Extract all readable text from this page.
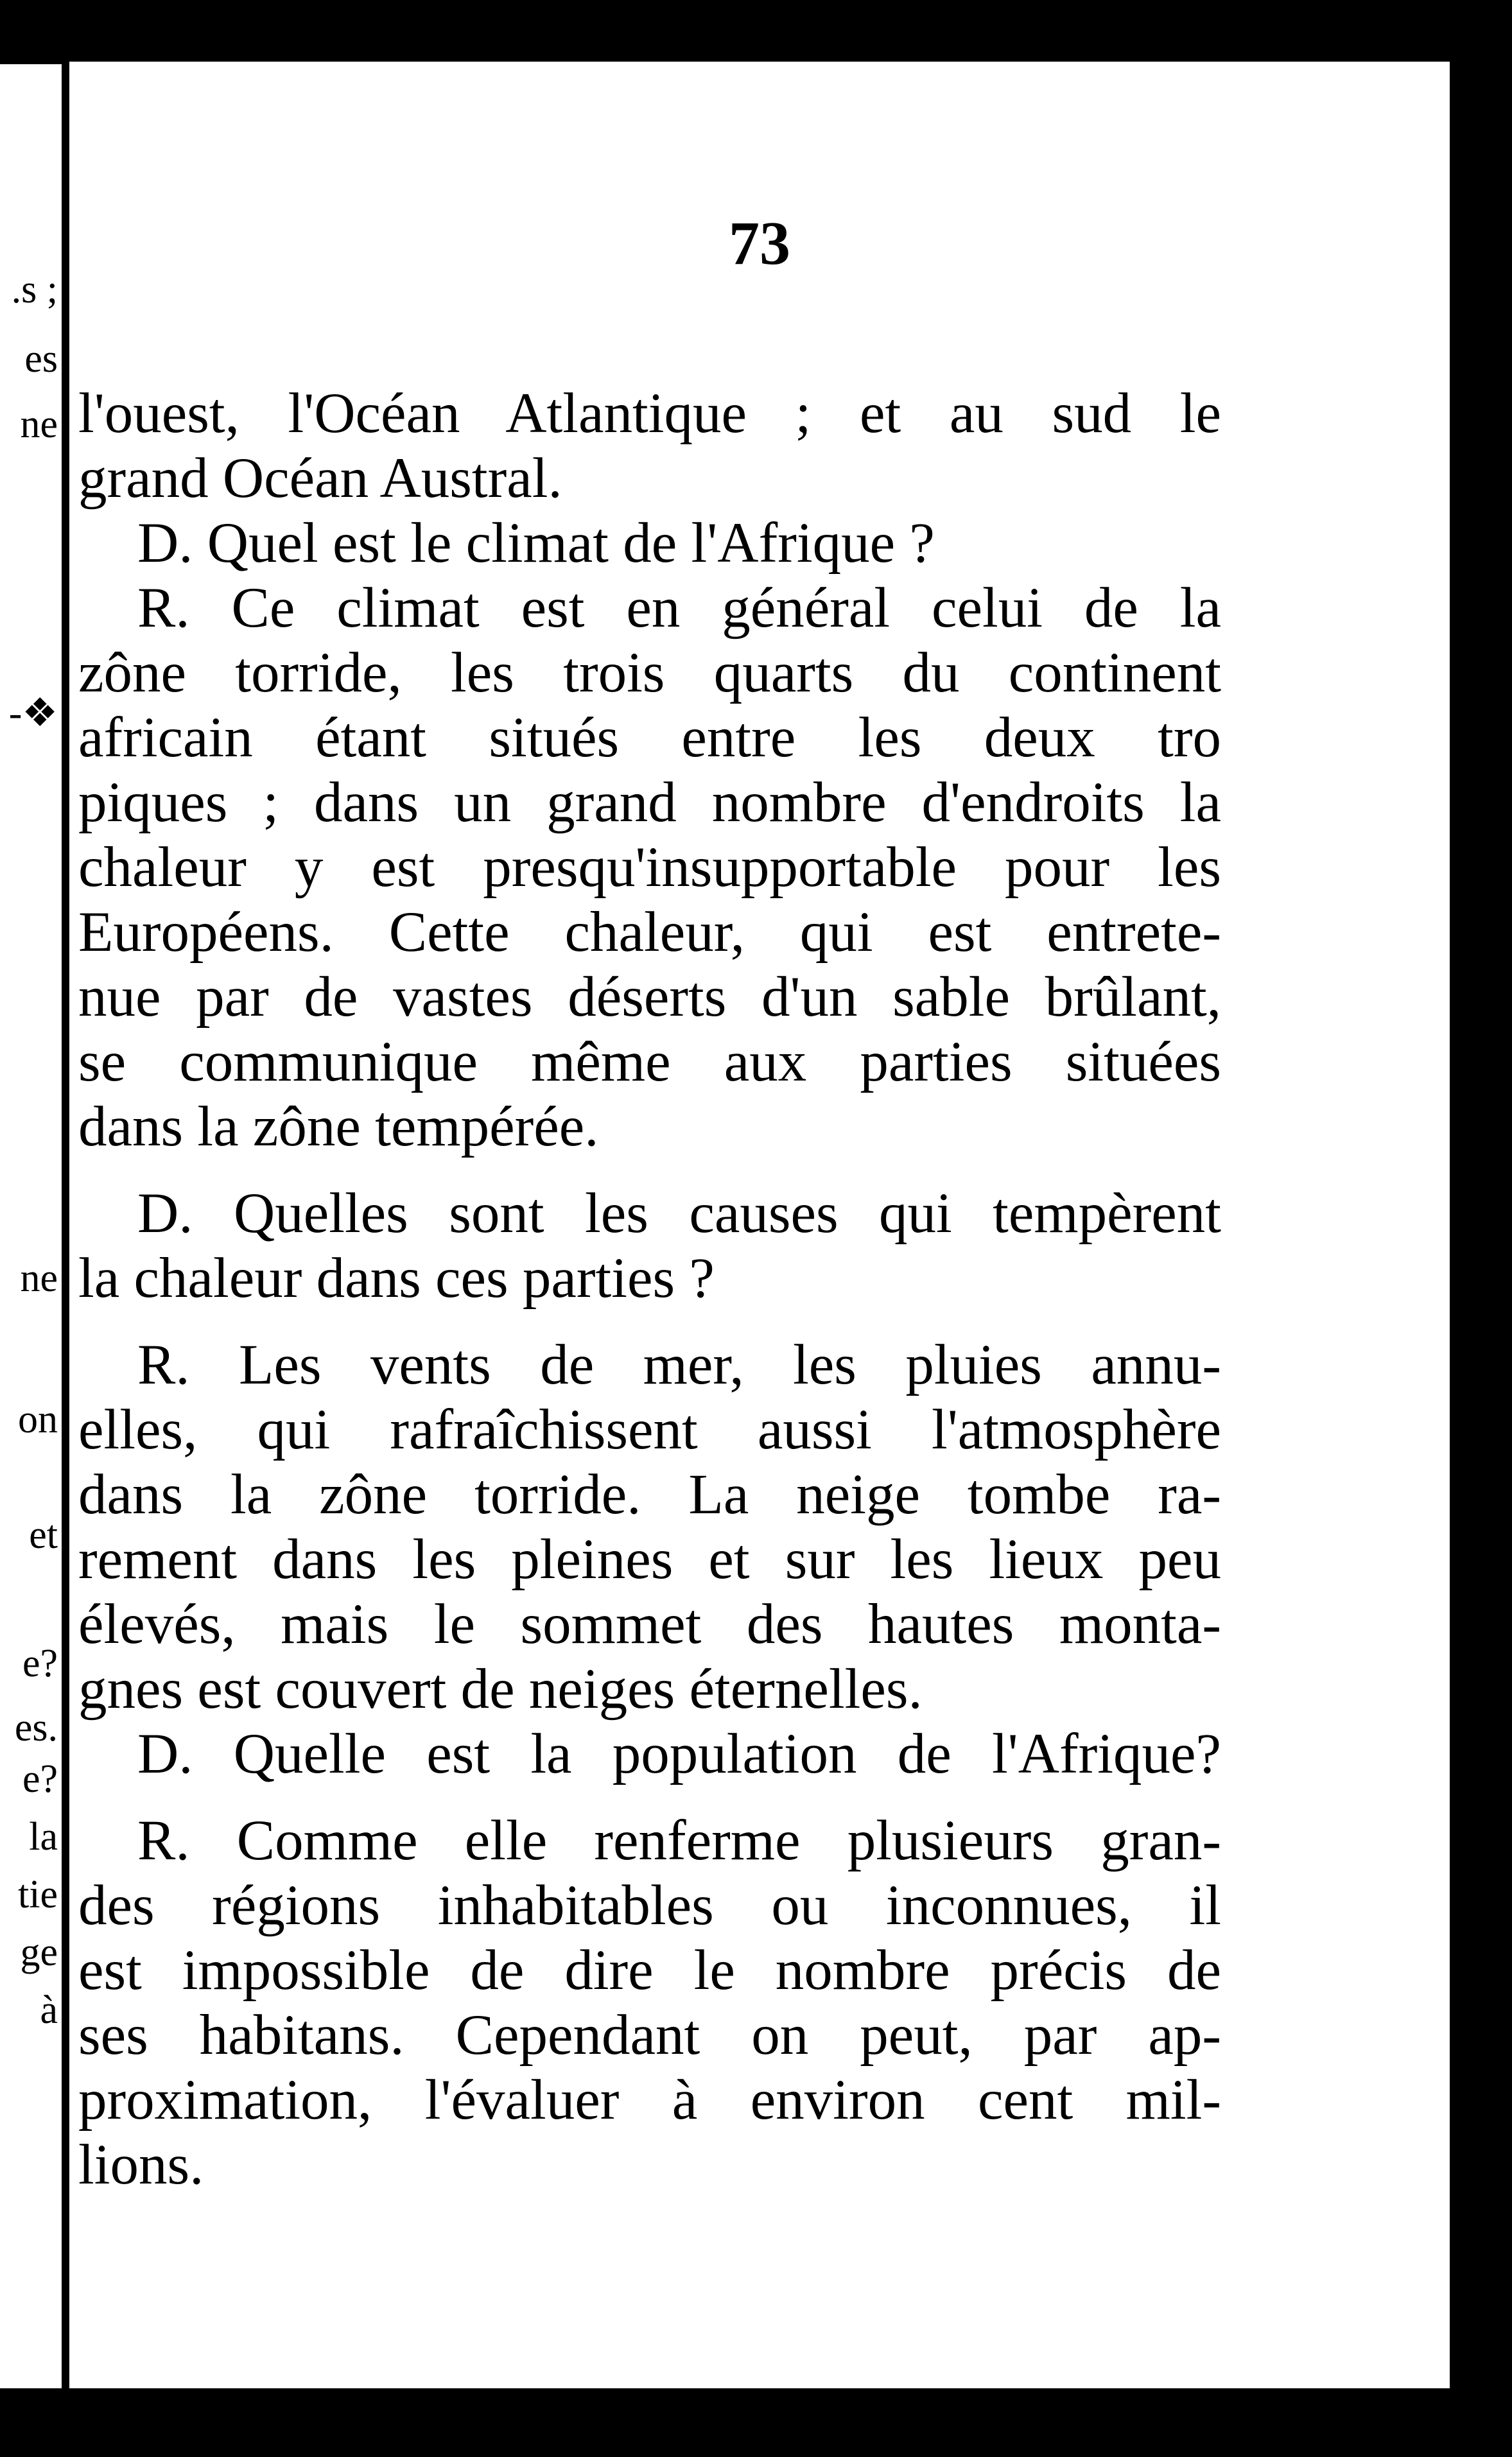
.s ;
es
ne
-❖
ne
on
et
e?
es.
e?
la
tie
ge
à
73
l'ouest, l'Océan Atlantique ; et au sud le
grand Océan Austral.
D. Quel est le climat de l'Afrique ?
R. Ce climat est en général celui de la
zône torride, les trois quarts du continent
africain étant situés entre les deux tro
piques ; dans un grand nombre d'endroits la
chaleur y est presqu'insupportable pour les
Européens. Cette chaleur, qui est entrete-
nue par de vastes déserts d'un sable brûlant,
se communique même aux parties situées
dans la zône tempérée.
D. Quelles sont les causes qui tempèrent
la chaleur dans ces parties ?
R. Les vents de mer, les pluies annu-
elles, qui rafraîchissent aussi l'atmosphère
dans la zône torride. La neige tombe ra-
rement dans les pleines et sur les lieux peu
élevés, mais le sommet des hautes monta-
gnes est couvert de neiges éternelles.
D. Quelle est la population de l'Afrique?
R. Comme elle renferme plusieurs gran-
des régions inhabitables ou inconnues, il
est impossible de dire le nombre précis de
ses habitans. Cependant on peut, par ap-
proximation, l'évaluer à environ cent mil-
lions.
